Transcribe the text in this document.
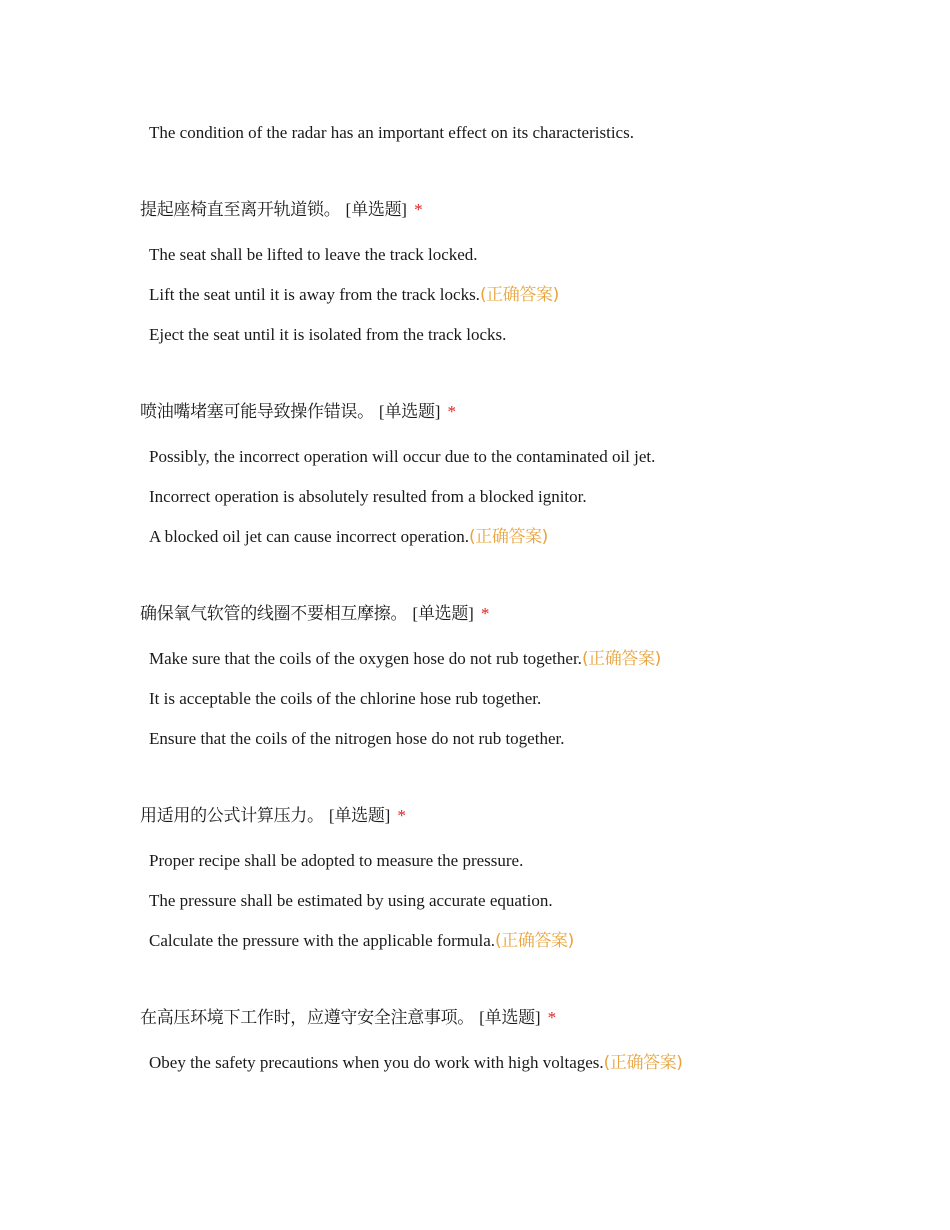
The condition of the radar has an important effect on its characteristics.
提起座椅直至离开轨道锁。 [单选题] *
The seat shall be lifted to leave the track locked.
Lift the seat until it is away from the track locks.(正确答案)
Eject the seat until it is isolated from the track locks.
喷油嘴堵塞可能导致操作错误。 [单选题] *
Possibly, the incorrect operation will occur due to the contaminated oil jet.
Incorrect operation is absolutely resulted from a blocked ignitor.
A blocked oil jet can cause incorrect operation.(正确答案)
确保氧气软管的线圈不要相互摩擦。 [单选题] *
Make sure that the coils of the oxygen hose do not rub together.(正确答案)
It is acceptable the coils of the chlorine hose rub together.
Ensure that the coils of the nitrogen hose do not rub together.
用适用的公式计算压力。 [单选题] *
Proper recipe shall be adopted to measure the pressure.
The pressure shall be estimated by using accurate equation.
Calculate the pressure with the applicable formula.(正确答案)
在高压环境下工作时，应遵守安全注意事项。 [单选题] *
Obey the safety precautions when you do work with high voltages.(正确答案)
